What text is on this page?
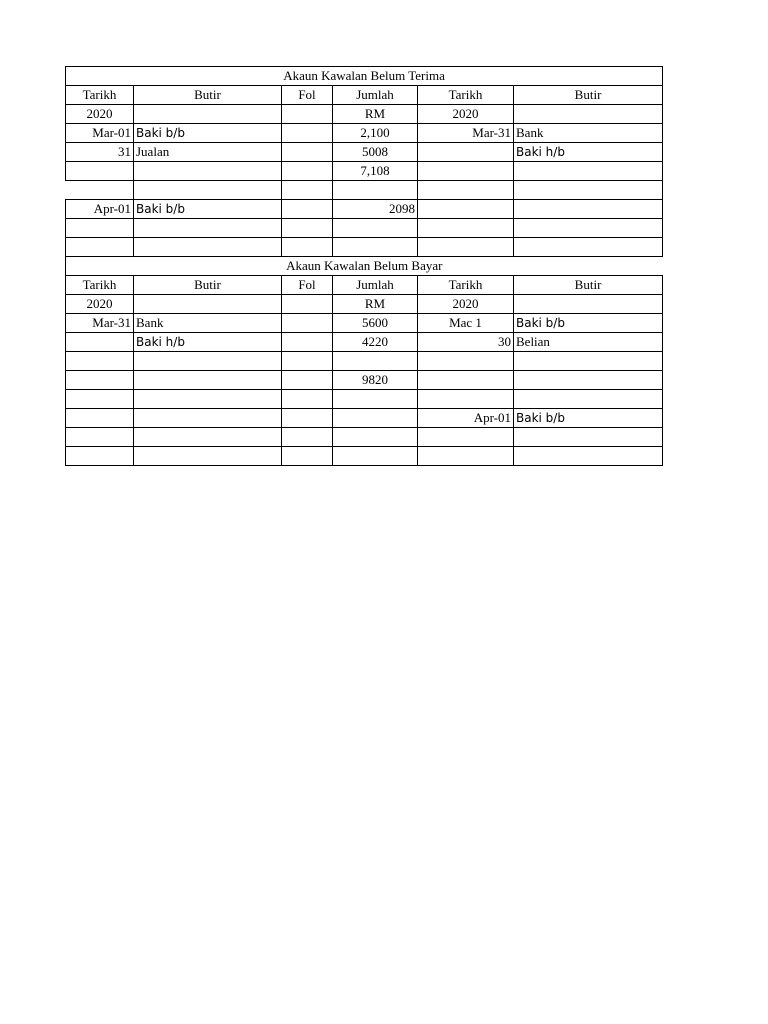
Akaun Kawalan Belum Terima					
Tarikh	Butir	Fol	Jumlah	Tarikh	Butir
2020			RM	2020	
Mar-01	Baki b/b		2,100	Mar-31	Bank
31	Jualan		5008		Baki h/b
			7,108		

Apr-01	Baki b/b		2098		

Akaun Kawalan Belum Bayar					
Tarikh	Butir	Fol	Jumlah	Tarikh	Butir
2020			RM	2020	
Mar-31	Bank		5600	Mac 1	Baki b/b
	Baki h/b		4220	30	Belian

			9820		

				Apr-01	Baki b/b
